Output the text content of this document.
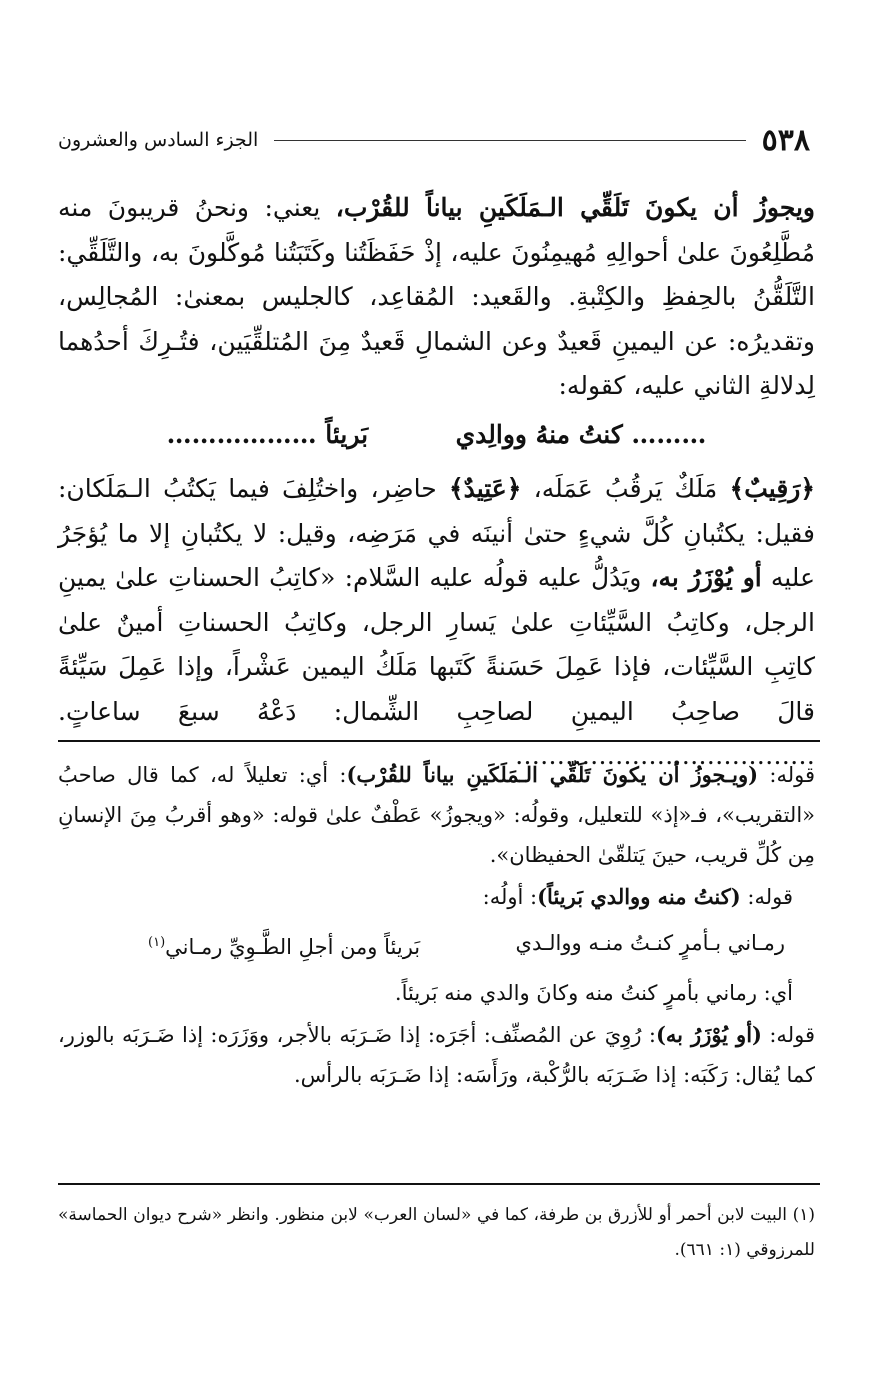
٥٣٨
الجزء السادس والعشرون

ويجوزُ أن يكونَ تَلَقِّي الـمَلَكَينِ بياناً للقُرْب، يعني: ونحنُ قريبونَ منه مُطَّلِعُونَ علىٰ أحوالِهِ مُهيمِنُونَ عليه، إذْ حَفَظَتُنا وكَتَبَتُنا مُوكَّلونَ به، والتَّلَقِّي: التَّلَقُّنُ بالحِفظِ والكِتْبةِ. والقَعيد: المُقاعِد، كالجليس بمعنىٰ: المُجالِس، وتقديرُه: عن اليمينِ قَعيدٌ وعن الشمالِ قَعيدٌ مِنَ المُتلقِّيَين، فتُـرِكَ أحدُهما لِدلالةِ الثاني عليه، كقوله:

……… كنتُ منهُ ووالِدي  بَريئاً ………………

﴿رَقِيبٌ﴾ مَلَكٌ يَرقُبُ عَمَلَه، ﴿عَتِيدٌ﴾ حاضِر، واختُلِفَ فيما يَكتُبُ الـمَلَكان: فقيل: يكتُبانِ كُلَّ شيءٍ حتىٰ أنينَه في مَرَضِه، وقيل: لا يكتُبانِ إلا ما يُؤجَرُ عليه أو يُوْزَرُ به، ويَدُلُّ عليه قولُه عليه السَّلام: «كاتِبُ الحسناتِ علىٰ يمينِ الرجل، وكاتِبُ السَّيِّئاتِ علىٰ يَسارِ الرجل، وكاتِبُ الحسناتِ أمينٌ علىٰ كاتِبِ السَّيِّئات، فإذا عَمِلَ حَسَنةً كَتَبها مَلَكُ اليمين عَشْراً، وإذا عَمِلَ سَيِّئةً قالَ صاحِبُ اليمينِ لصاحِبِ الشِّمال: دَعْهُ سبعَ ساعاتٍ. ………………………………

قوله: (ويـجوزُ أن يكونَ تَلَقِّي الـمَلَكَينِ بياناً للقُرْب): أي: تعليلاً له، كما قال صاحبُ «التقريب»، فـ«إذ» للتعليل، وقولُه: «ويجوزُ» عَطْفٌ علىٰ قوله: «وهو أقربُ مِنَ الإنسانِ مِن كُلِّ قريب، حينَ يَتلقّىٰ الحفيظان».

قوله: (كنتُ منه ووالدي بَريئاً): أولُه:

رمـاني بـأمرٍ كنـتُ منـه ووالـدي
بَريئاً ومن أجلِ الطَّـوِيِّ رمـاني$^{(١)}$

أي: رماني بأمرٍ كنتُ منه وكانَ والدي منه بَريئاً.

قوله: (أو يُوْزَرُ به): رُوِيَ عن المُصنِّف: أجَرَه: إذا ضَـرَبَه بالأجر، ووَزَرَه: إذا ضَـرَبَه بالوزر، كما يُقال: رَكَبَه: إذا ضَـرَبَه بالرُّكْبة، ورَأَسَه: إذا ضَـرَبَه بالرأس.

(١) البيت لابن أحمر أو للأزرق بن طرفة، كما في «لسان العرب» لابن منظور. وانظر «شرح ديوان الحماسة» للمرزوقي (١: ٦٦١).
